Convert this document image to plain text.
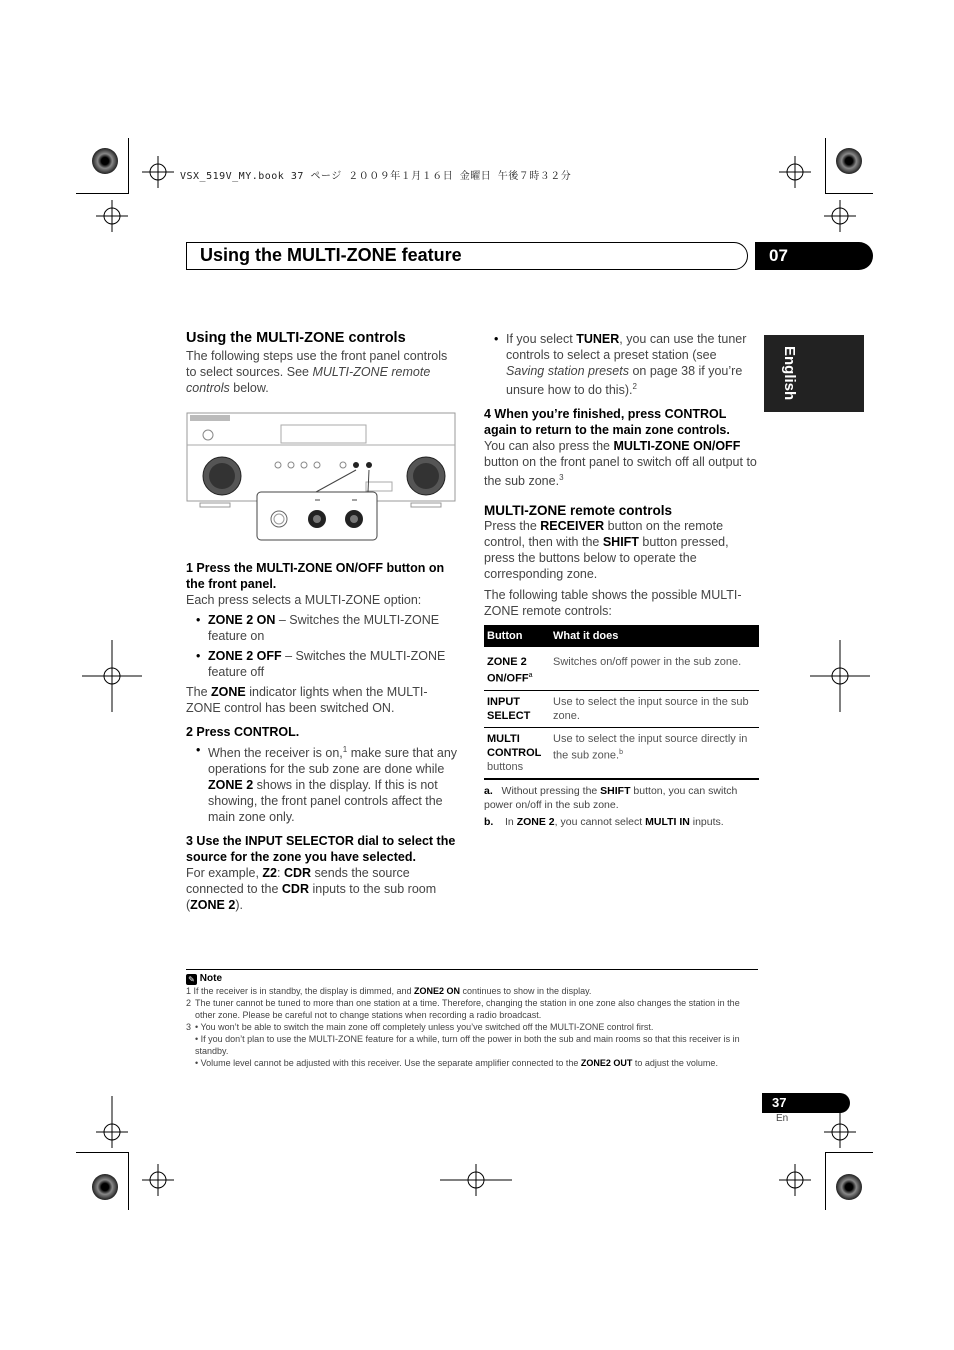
VSX_519V_MY.book 37 ページ ２００９年１月１６日 金曜日 午後７時３２分
Using the MULTI-ZONE feature	07
English
Using the MULTI-ZONE controls
The following steps use the front panel controls to select sources. See MULTI-ZONE remote controls below.
1 Press the MULTI-ZONE ON/OFF button on the front panel.
Each press selects a MULTI-ZONE option:
• ZONE 2 ON – Switches the MULTI-ZONE feature on
• ZONE 2 OFF – Switches the MULTI-ZONE feature off
The ZONE indicator lights when the MULTI-ZONE control has been switched ON.
2 Press CONTROL.
• When the receiver is on,$^1$ make sure that any operations for the sub zone are done while ZONE 2 shows in the display. If this is not showing, the front panel controls affect the main zone only.
3 Use the INPUT SELECTOR dial to select the source for the zone you have selected.
For example, Z2: CDR sends the source connected to the CDR inputs to the sub room (ZONE 2).
• If you select TUNER, you can use the tuner controls to select a preset station (see Saving station presets on page 38 if you’re unsure how to do this).$^2$
4 When you’re finished, press CONTROL again to return to the main zone controls.
You can also press the MULTI-ZONE ON/OFF button on the front panel to switch off all output to the sub zone.$^3$
MULTI-ZONE remote controls
Press the RECEIVER button on the remote control, then with the SHIFT button pressed, press the buttons below to operate the corresponding zone.
The following table shows the possible MULTI-ZONE remote controls:
Button	What it does
ZONE 2 ON/OFF$^a$	Switches on/off power in the sub zone.
INPUT SELECT	Use to select the input source in the sub zone.
MULTI CONTROL
buttons	Use to select the input source directly in the sub zone.$^b$
a. Without pressing the SHIFT button, you can switch power on/off in the sub zone.
b. In ZONE 2, you cannot select MULTI IN inputs.
✎ Note
1 If the receiver is in standby, the display is dimmed, and ZONE2 ON continues to show in the display.
2 The tuner cannot be tuned to more than one station at a time. Therefore, changing the station in one zone also changes the station in the other zone. Please be careful not to change stations when recording a radio broadcast.
3 • You won’t be able to switch the main zone off completely unless you’ve switched off the MULTI-ZONE control first.
• If you don’t plan to use the MULTI-ZONE feature for a while, turn off the power in both the sub and main rooms so that this receiver is in standby.
• Volume level cannot be adjusted with this receiver. Use the separate amplifier connected to the ZONE2 OUT to adjust the volume.
37
En
